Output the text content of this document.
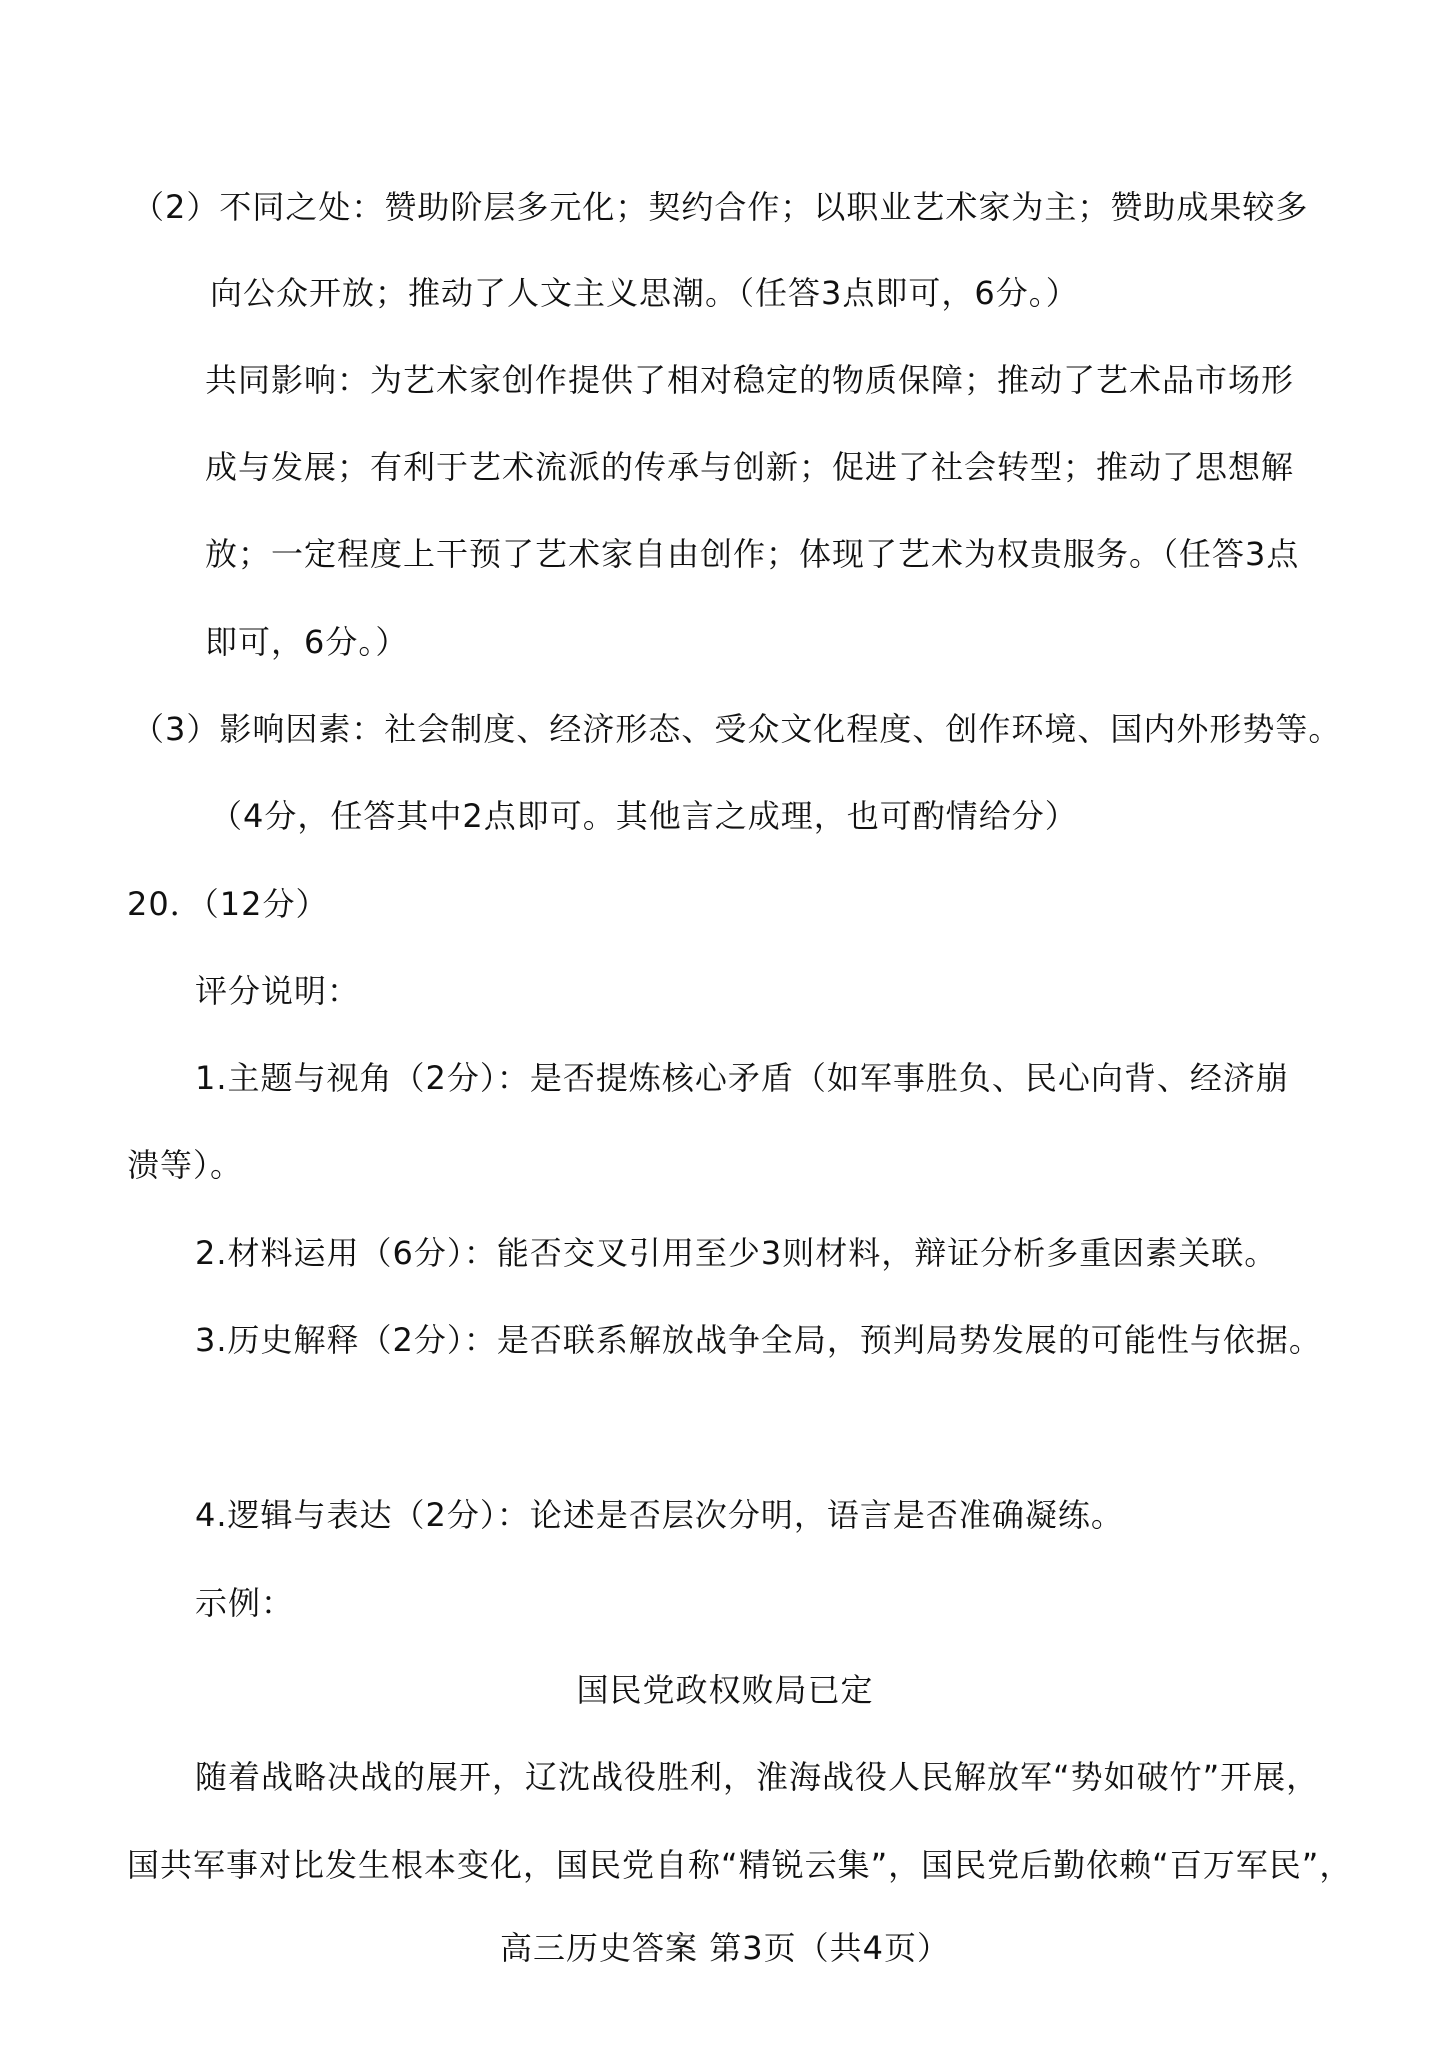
（2）不同之处：赞助阶层多元化；契约合作；以职业艺术家为主；赞助成果较多
向公众开放；推动了人文主义思潮。（任答3点即可，6分。）
共同影响：为艺术家创作提供了相对稳定的物质保障；推动了艺术品市场形
成与发展；有利于艺术流派的传承与创新；促进了社会转型；推动了思想解
放；一定程度上干预了艺术家自由创作；体现了艺术为权贵服务。（任答3点
即可，6分。）
（3）影响因素：社会制度、经济形态、受众文化程度、创作环境、国内外形势等。
（4分，任答其中2点即可。其他言之成理，也可酌情给分）
20．（12分）
评分说明：
1.主题与视角（2分）：是否提炼核心矛盾（如军事胜负、民心向背、经济崩
溃等）。
2.材料运用（6分）：能否交叉引用至少3则材料，辩证分析多重因素关联。
3.历史解释（2分）：是否联系解放战争全局，预判局势发展的可能性与依据。
4.逻辑与表达（2分）：论述是否层次分明，语言是否准确凝练。
示例：
国民党政权败局已定
随着战略决战的展开，辽沈战役胜利，淮海战役人民解放军“势如破竹”开展，
国共军事对比发生根本变化，国民党自称“精锐云集”，国民党后勤依赖“百万军民”，
高三历史答案 第3页（共4页）
